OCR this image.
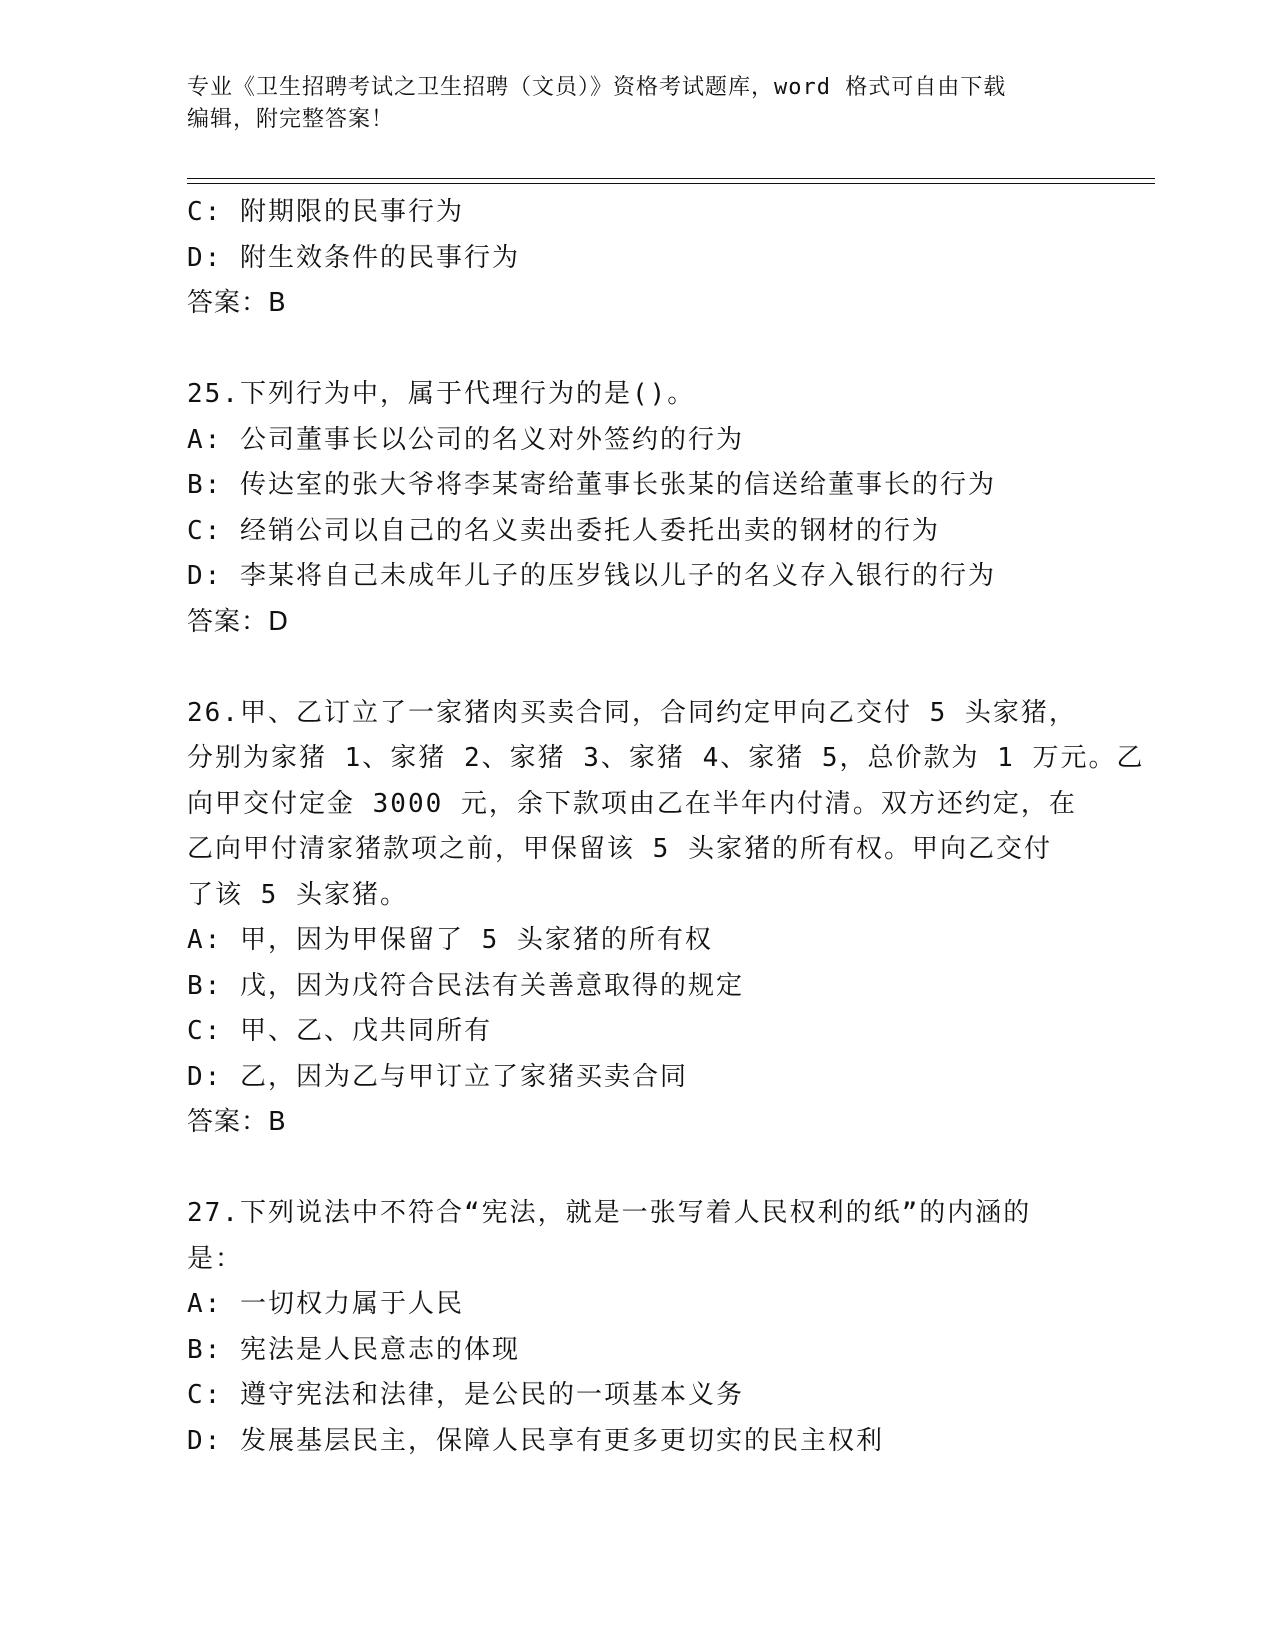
专业《卫生招聘考试之卫生招聘（文员）》资格考试题库，word 格式可自由下载
编辑，附完整答案！
C: 附期限的民事行为
D: 附生效条件的民事行为
答案：B
25.下列行为中，属于代理行为的是()。
A: 公司董事长以公司的名义对外签约的行为
B: 传达室的张大爷将李某寄给董事长张某的信送给董事长的行为
C: 经销公司以自己的名义卖出委托人委托出卖的钢材的行为
D: 李某将自己未成年儿子的压岁钱以儿子的名义存入银行的行为
答案：D
26.甲、乙订立了一家猪肉买卖合同，合同约定甲向乙交付 5 头家猪，
分别为家猪 1、家猪 2、家猪 3、家猪 4、家猪 5，总价款为 1 万元。乙
向甲交付定金 3000 元，余下款项由乙在半年内付清。双方还约定，在
乙向甲付清家猪款项之前，甲保留该 5 头家猪的所有权。甲向乙交付
了该 5 头家猪。
A: 甲，因为甲保留了 5 头家猪的所有权
B: 戊，因为戊符合民法有关善意取得的规定
C: 甲、乙、戊共同所有
D: 乙，因为乙与甲订立了家猪买卖合同
答案：B
27.下列说法中不符合“宪法，就是一张写着人民权利的纸”的内涵的
是：
A: 一切权力属于人民
B: 宪法是人民意志的体现
C: 遵守宪法和法律，是公民的一项基本义务
D: 发展基层民主，保障人民享有更多更切实的民主权利
